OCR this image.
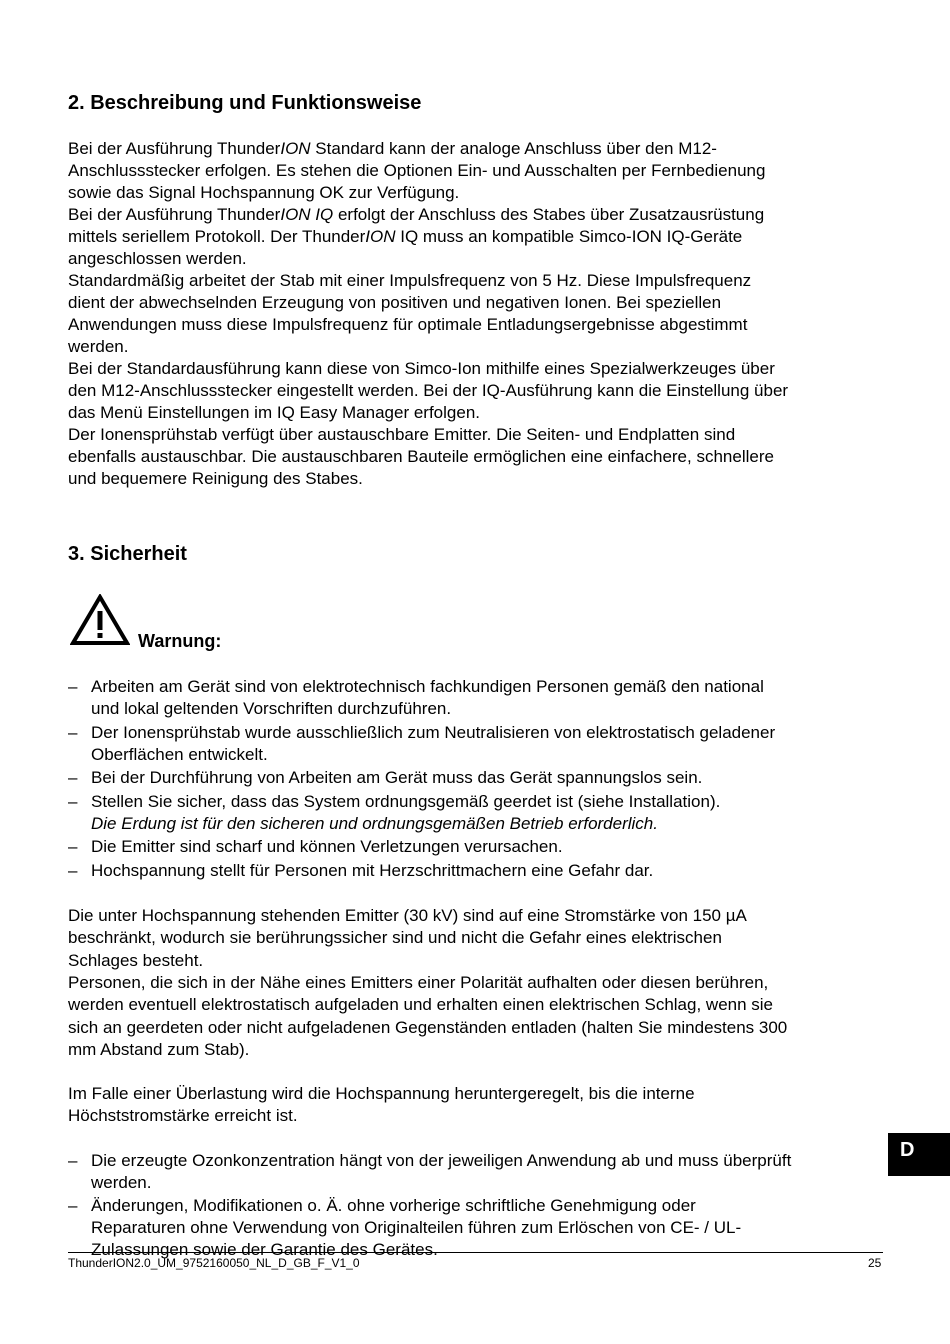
2. Beschreibung und Funktionsweise
Bei der Ausführung ThunderION Standard kann der analoge Anschluss über den M12-
Anschlussstecker erfolgen. Es stehen die Optionen Ein- und Ausschalten per Fernbedienung
sowie das Signal Hochspannung OK zur Verfügung.
Bei der Ausführung ThunderION IQ erfolgt der Anschluss des Stabes über Zusatzausrüstung
mittels seriellem Protokoll. Der ThunderION IQ muss an kompatible Simco-ION IQ-Geräte
angeschlossen werden.
Standardmäßig arbeitet der Stab mit einer Impulsfrequenz von 5 Hz. Diese Impulsfrequenz
dient der abwechselnden Erzeugung von positiven und negativen Ionen. Bei speziellen
Anwendungen muss diese Impulsfrequenz für optimale Entladungsergebnisse abgestimmt
werden.
Bei der Standardausführung kann diese von Simco-Ion mithilfe eines Spezialwerkzeuges über
den M12-Anschlussstecker eingestellt werden. Bei der IQ-Ausführung kann die Einstellung über
das Menü Einstellungen im IQ Easy Manager erfolgen.
Der Ionensprühstab verfügt über austauschbare Emitter. Die Seiten- und Endplatten sind
ebenfalls austauschbar. Die austauschbaren Bauteile ermöglichen eine einfachere, schnellere
und bequemere Reinigung des Stabes.
3. Sicherheit
Warnung:
– Arbeiten am Gerät sind von elektrotechnisch fachkundigen Personen gemäß den national
und lokal geltenden Vorschriften durchzuführen.
– Der Ionensprühstab wurde ausschließlich zum Neutralisieren von elektrostatisch geladener
Oberflächen entwickelt.
– Bei der Durchführung von Arbeiten am Gerät muss das Gerät spannungslos sein.
– Stellen Sie sicher, dass das System ordnungsgemäß geerdet ist (siehe Installation).
Die Erdung ist für den sicheren und ordnungsgemäßen Betrieb erforderlich.
– Die Emitter sind scharf und können Verletzungen verursachen.
– Hochspannung stellt für Personen mit Herzschrittmachern eine Gefahr dar.
Die unter Hochspannung stehenden Emitter (30 kV) sind auf eine Stromstärke von 150 µA
beschränkt, wodurch sie berührungssicher sind und nicht die Gefahr eines elektrischen
Schlages besteht.
Personen, die sich in der Nähe eines Emitters einer Polarität aufhalten oder diesen berühren,
werden eventuell elektrostatisch aufgeladen und erhalten einen elektrischen Schlag, wenn sie
sich an geerdeten oder nicht aufgeladenen Gegenständen entladen (halten Sie mindestens 300
mm Abstand zum Stab).
Im Falle einer Überlastung wird die Hochspannung heruntergeregelt, bis die interne
Höchststromstärke erreicht ist.
– Die erzeugte Ozonkonzentration hängt von der jeweiligen Anwendung ab und muss überprüft
werden.
– Änderungen, Modifikationen o. Ä. ohne vorherige schriftliche Genehmigung oder
Reparaturen ohne Verwendung von Originalteilen führen zum Erlöschen von CE- / UL-
Zulassungen sowie der Garantie des Gerätes.
D
ThunderION2.0_UM_9752160050_NL_D_GB_F_V1_0	25
